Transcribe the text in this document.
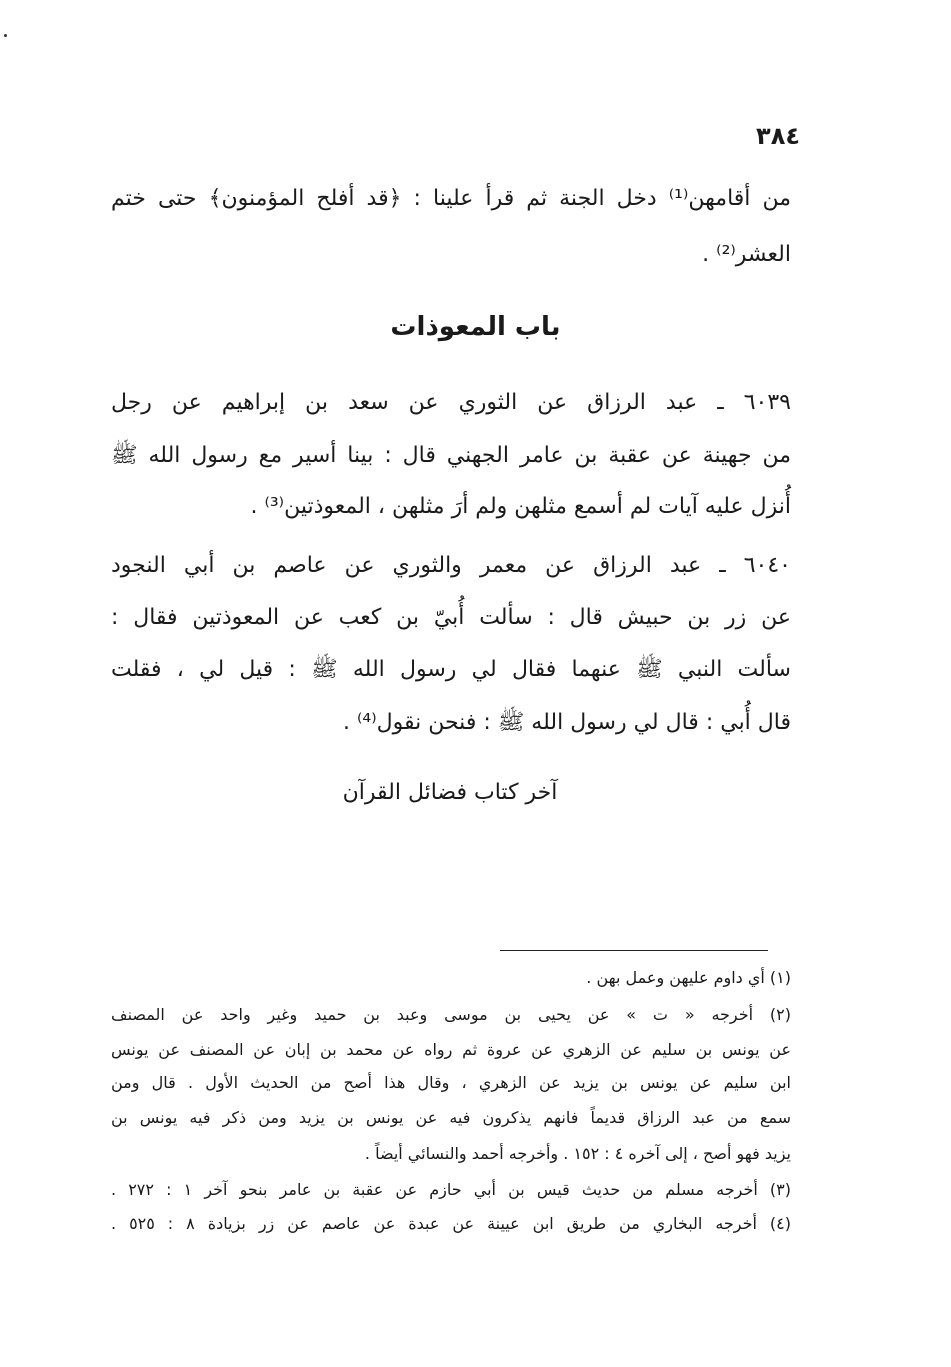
٣٨٤
من أقامهن⁽¹⁾ دخل الجنة ثم قرأ علينا : ﴿قد أفلح المؤمنون﴾ حتى ختم
العشر⁽²⁾ .
باب المعوذات
٦٠٣٩ ـ عبد الرزاق عن الثوري عن سعد بن إبراهيم عن رجل
من جهينة عن عقبة بن عامر الجهني قال : بينا أسير مع رسول الله ﷺ
أُنزل عليه آيات لم أسمع مثلهن ولم أرَ مثلهن ، المعوذتين⁽³⁾ .
٦٠٤٠ ـ عبد الرزاق عن معمر والثوري عن عاصم بن أبي النجود
عن زر بن حبيش قال : سألت أُبيّ بن كعب عن المعوذتين فقال :
سألت النبي ﷺ عنهما فقال لي رسول الله ﷺ : قيل لي ، فقلت
قال أُبي : قال لي رسول الله ﷺ : فنحن نقول⁽⁴⁾ .
آخر كتاب فضائل القرآن
(١) أي داوم عليهن وعمل بهن .
(٢) أخرجه « ت » عن يحيى بن موسى وعبد بن حميد وغير واحد عن المصنف
عن يونس بن سليم عن الزهري عن عروة ثم رواه عن محمد بن إبان عن المصنف عن يونس
ابن سليم عن يونس بن يزيد عن الزهري ، وقال هذا أصح من الحديث الأول . قال ومن
سمع من عبد الرزاق قديماً فانهم يذكرون فيه عن يونس بن يزيد ومن ذكر فيه يونس بن
يزيد فهو أصح ، إلى آخره ٤ : ١٥٢ . وأخرجه أحمد والنسائي أيضاً .
(٣) أخرجه مسلم من حديث قيس بن أبي حازم عن عقبة بن عامر بنحو آخر ١ : ٢٧٢ .
(٤) أخرجه البخاري من طريق ابن عيينة عن عبدة عن عاصم عن زر بزيادة ٨ : ٥٢٥ .
